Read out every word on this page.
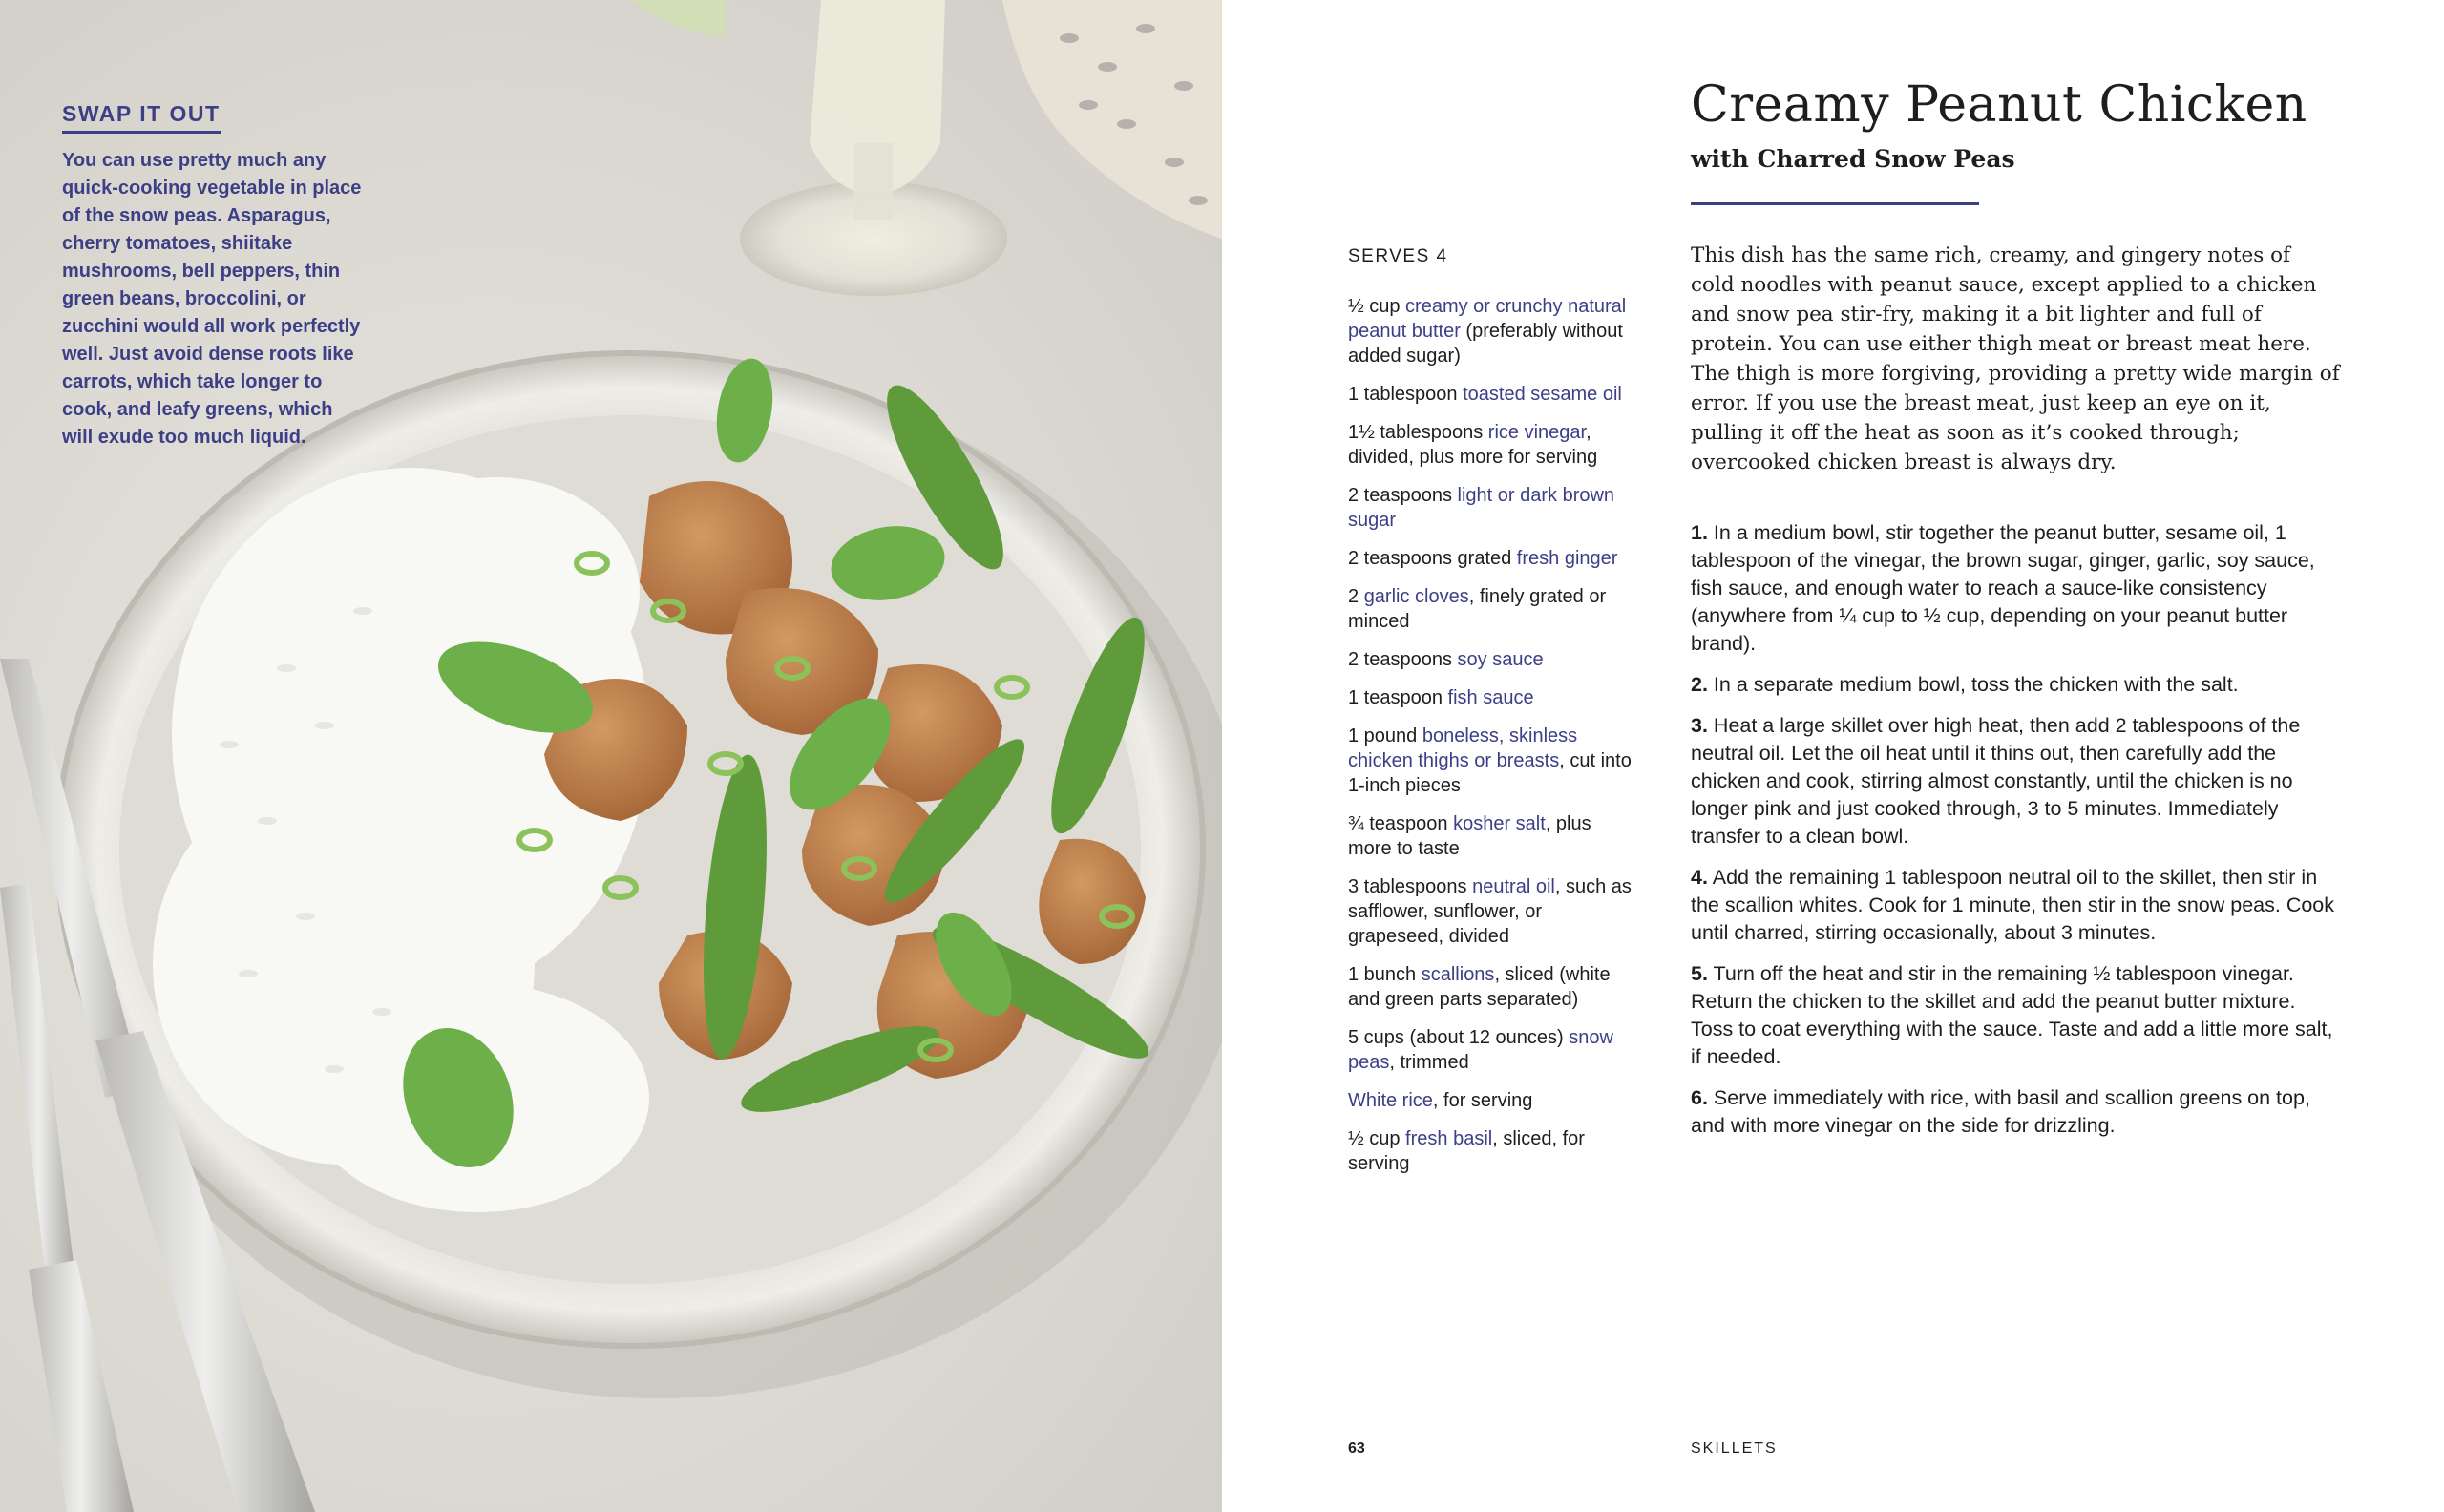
SWAP IT OUT

You can use pretty much any quick-cooking vegetable in place of the snow peas. Asparagus, cherry tomatoes, shiitake mushrooms, bell peppers, thin green beans, broccolini, or zucchini would all work perfectly well. Just avoid dense roots like carrots, which take longer to cook, and leafy greens, which will exude too much liquid.

Creamy Peanut Chicken
with Charred Snow Peas
SERVES 4
½ cup creamy or crunchy natural peanut butter (preferably without added sugar)
1 tablespoon toasted sesame oil
1½ tablespoons rice vinegar, divided, plus more for serving
2 teaspoons light or dark brown sugar
2 teaspoons grated fresh ginger
2 garlic cloves, finely grated or minced
2 teaspoons soy sauce
1 teaspoon fish sauce
1 pound boneless, skinless chicken thighs or breasts, cut into 1-inch pieces
¾ teaspoon kosher salt, plus more to taste
3 tablespoons neutral oil, such as safflower, sunflower, or grapeseed, divided
1 bunch scallions, sliced (white and green parts separated)
5 cups (about 12 ounces) snow peas, trimmed
White rice, for serving
½ cup fresh basil, sliced, for serving

This dish has the same rich, creamy, and gingery notes of cold noodles with peanut sauce, except applied to a chicken and snow pea stir-fry, making it a bit lighter and full of protein. You can use either thigh meat or breast meat here. The thigh is more forgiving, providing a pretty wide margin of error. If you use the breast meat, just keep an eye on it, pulling it off the heat as soon as it’s cooked through; overcooked chicken breast is always dry.

1. In a medium bowl, stir together the peanut butter, sesame oil, 1 tablespoon of the vinegar, the brown sugar, ginger, garlic, soy sauce, fish sauce, and enough water to reach a sauce-like consistency (anywhere from ¼ cup to ½ cup, depending on your peanut butter brand).
2. In a separate medium bowl, toss the chicken with the salt.
3. Heat a large skillet over high heat, then add 2 tablespoons of the neutral oil. Let the oil heat until it thins out, then carefully add the chicken and cook, stirring almost constantly, until the chicken is no longer pink and just cooked through, 3 to 5 minutes. Immediately transfer to a clean bowl.
4. Add the remaining 1 tablespoon neutral oil to the skillet, then stir in the scallion whites. Cook for 1 minute, then stir in the snow peas. Cook until charred, stirring occasionally, about 3 minutes.
5. Turn off the heat and stir in the remaining ½ tablespoon vinegar. Return the chicken to the skillet and add the peanut butter mixture. Toss to coat everything with the sauce. Taste and add a little more salt, if needed.
6. Serve immediately with rice, with basil and scallion greens on top, and with more vinegar on the side for drizzling.
63	SKILLETS
